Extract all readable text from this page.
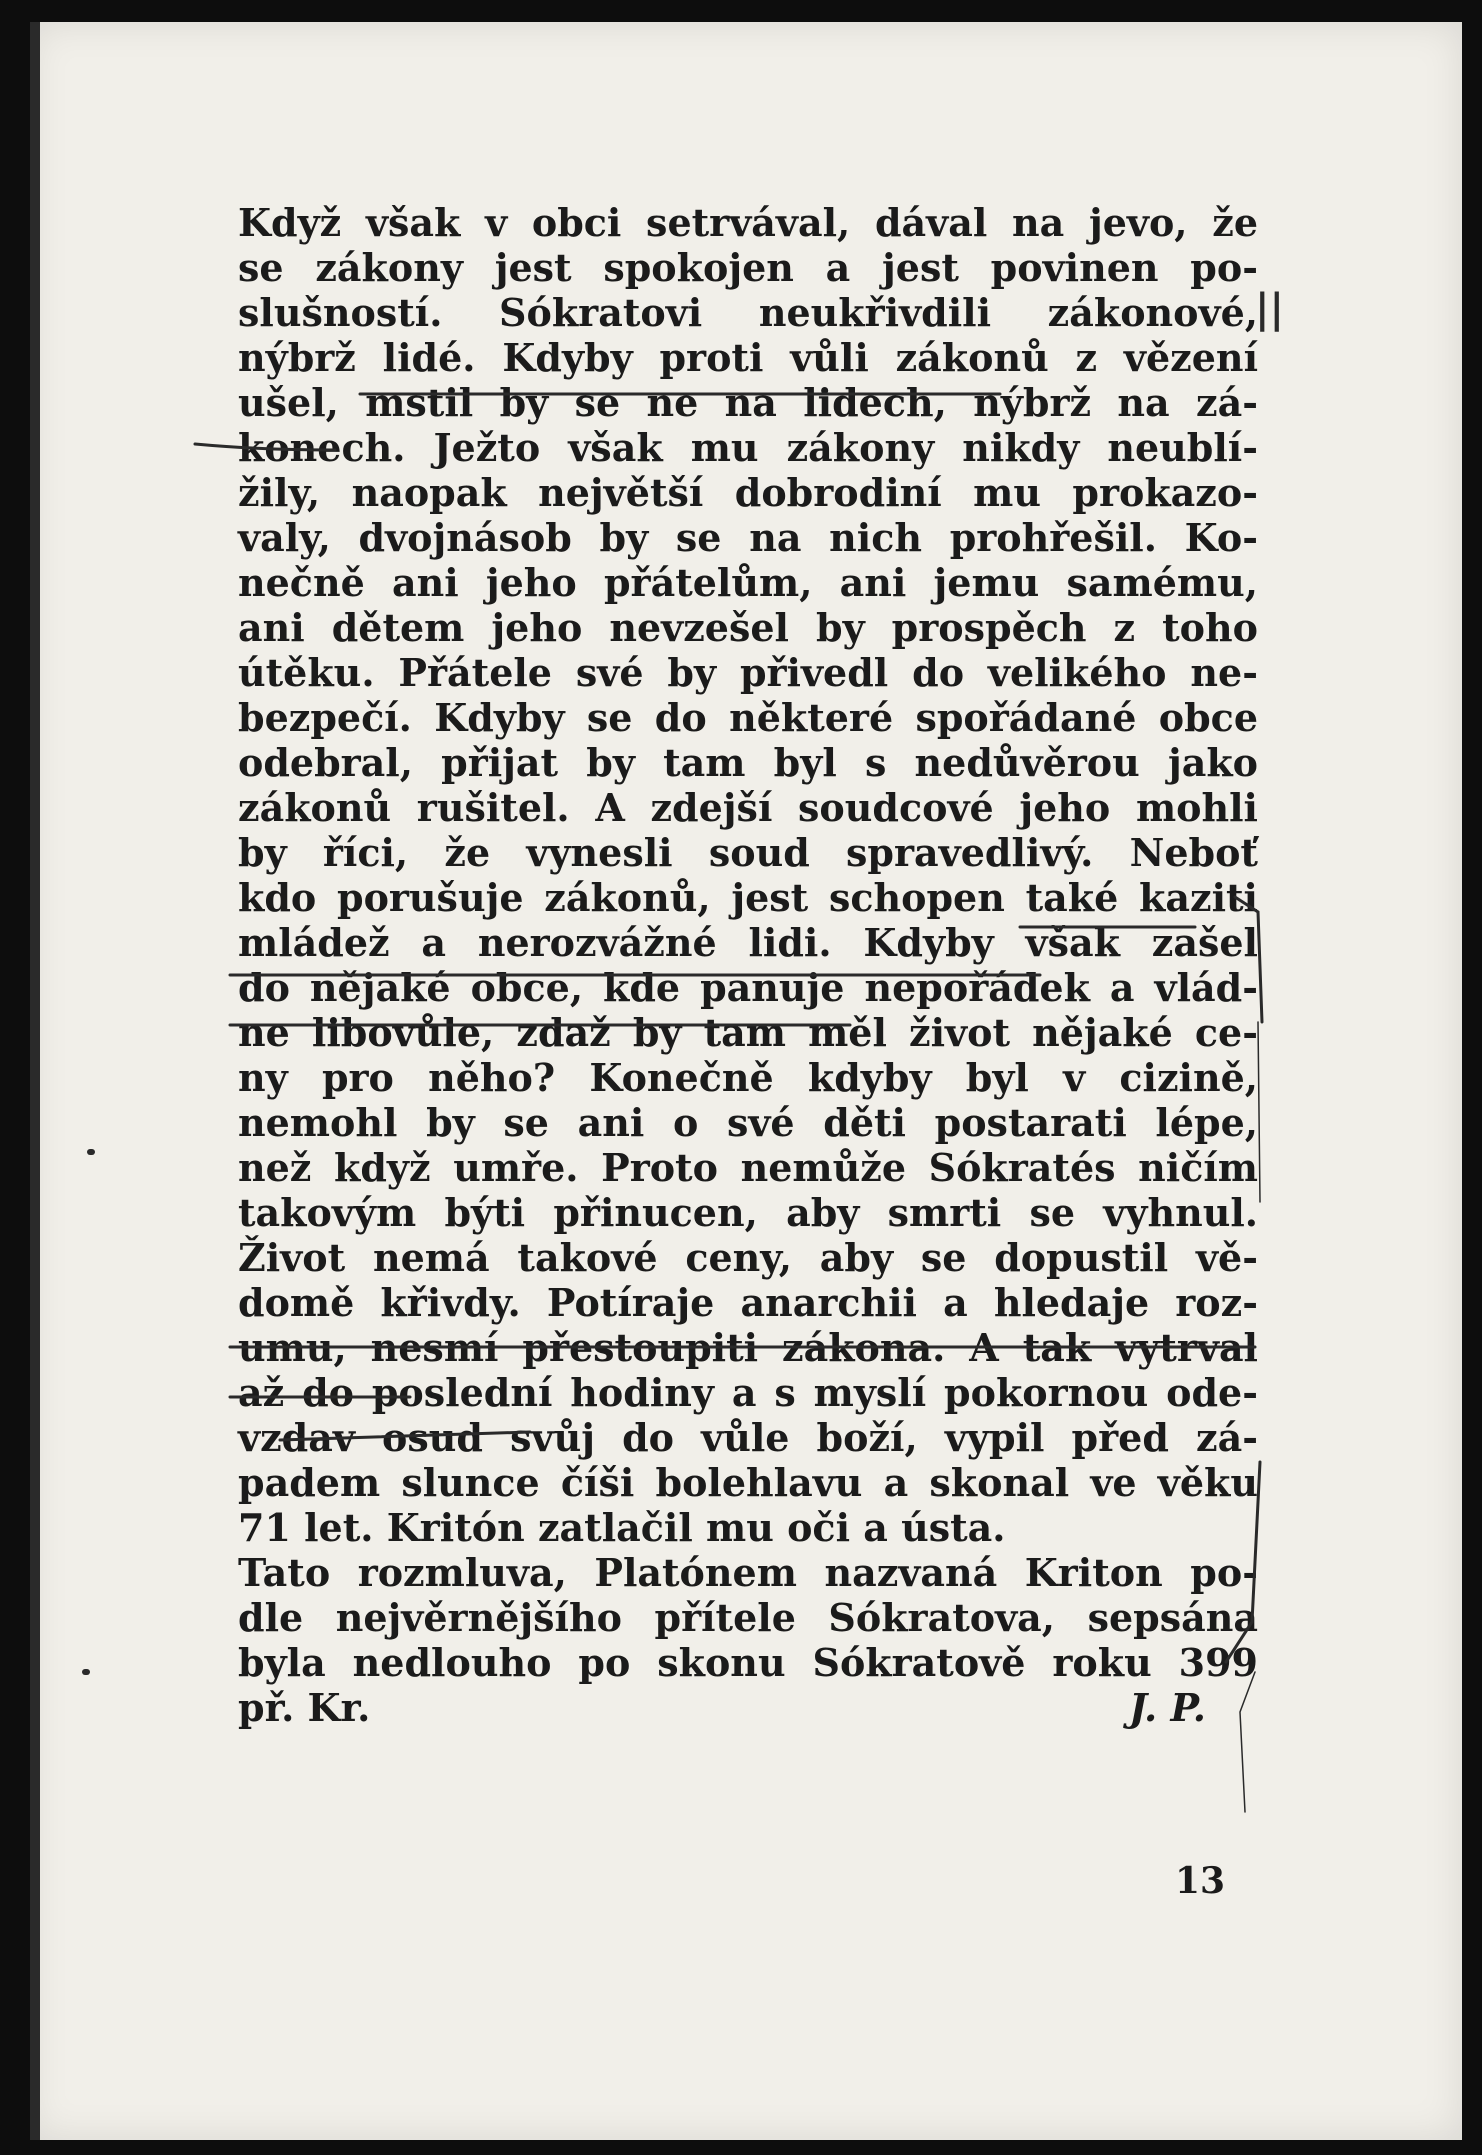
Když však v obci setrvával, dával na jevo, že
se zákony jest spokojen a jest povinen po-
slušností. Sókratovi neukřivdili zákonové,
nýbrž lidé. Kdyby proti vůli zákonů z vězení
ušel, mstil by se ne na lidech, nýbrž na zá-
konech. Ježto však mu zákony nikdy neublí-
žily, naopak největší dobrodiní mu prokazo-
valy, dvojnásob by se na nich prohřešil. Ko-
nečně ani jeho přátelům, ani jemu samému,
ani dětem jeho nevzešel by prospěch z toho
útěku. Přátele své by přivedl do velikého ne-
bezpečí. Kdyby se do některé spořádané obce
odebral, přijat by tam byl s nedůvěrou jako
zákonů rušitel. A zdejší soudcové jeho mohli
by říci, že vynesli soud spravedlivý. Neboť
kdo porušuje zákonů, jest schopen také kaziti
mládež a nerozvážné lidi. Kdyby však zašel
do nějaké obce, kde panuje nepořádek a vlád-
ne libovůle, zdaž by tam měl život nějaké ce-
ny pro něho? Konečně kdyby byl v cizině,
nemohl by se ani o své děti postarati lépe,
než když umře. Proto nemůže Sókratés ničím
takovým býti přinucen, aby smrti se vyhnul.
Život nemá takové ceny, aby se dopustil vě-
domě křivdy. Potíraje anarchii a hledaje roz-
umu, nesmí přestoupiti zákona. A tak vytrval
až do poslední hodiny a s myslí pokornou ode-
vzdav osud svůj do vůle boží, vypil před zá-
padem slunce číši bolehlavu a skonal ve věku
71 let. Kritón zatlačil mu oči a ústa.
Tato rozmluva, Platónem nazvaná Kriton po-
dle nejvěrnějšího přítele Sókratova, sepsána
byla nedlouho po skonu Sókratově roku 399
př. Kr.	J. P.
13
||
